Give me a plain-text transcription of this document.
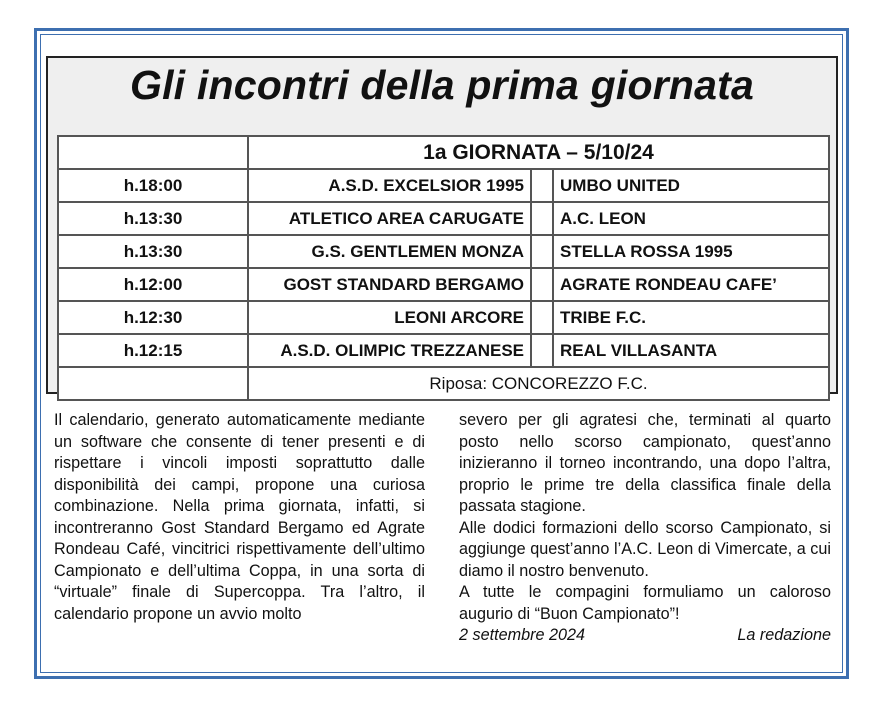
Gli incontri della prima giornata
	1a GIORNATA – 5/10/24		
h.18:00	A.S.D. EXCELSIOR 1995		UMBO UNITED
h.13:30	ATLETICO AREA CARUGATE		A.C. LEON
h.13:30	G.S. GENTLEMEN MONZA		STELLA ROSSA 1995
h.12:00	GOST STANDARD BERGAMO		AGRATE RONDEAU CAFE’
h.12:30	LEONI ARCORE		TRIBE F.C.
h.12:15	A.S.D. OLIMPIC TREZZANESE		REAL VILLASANTA
	Riposa: CONCOREZZO F.C.		

Il calendario, generato automaticamente mediante un software che consente di tener presenti e di rispettare i vincoli imposti soprattutto dalle disponibilità dei campi, propone una curiosa combinazione. Nella prima giornata, infatti, si incontreranno Gost Standard Bergamo ed Agrate Rondeau Café, vincitrici rispettivamente dell’ultimo Campionato e dell’ultima Coppa, in una sorta di “virtuale” finale di Supercoppa. Tra l’altro, il calendario propone un avvio molto

severo per gli agratesi che, terminati al quarto posto nello scorso campionato, quest’anno inizieranno il torneo incontrando, una dopo l’altra, proprio le prime tre della classifica finale della passata stagione.

Alle dodici formazioni dello scorso Campionato, si aggiunge quest’anno l’A.C. Leon di Vimercate, a cui diamo il nostro benvenuto.

A tutte le compagini formuliamo un caloroso augurio di “Buon Campionato”!

2 settembre 2024	La redazione
